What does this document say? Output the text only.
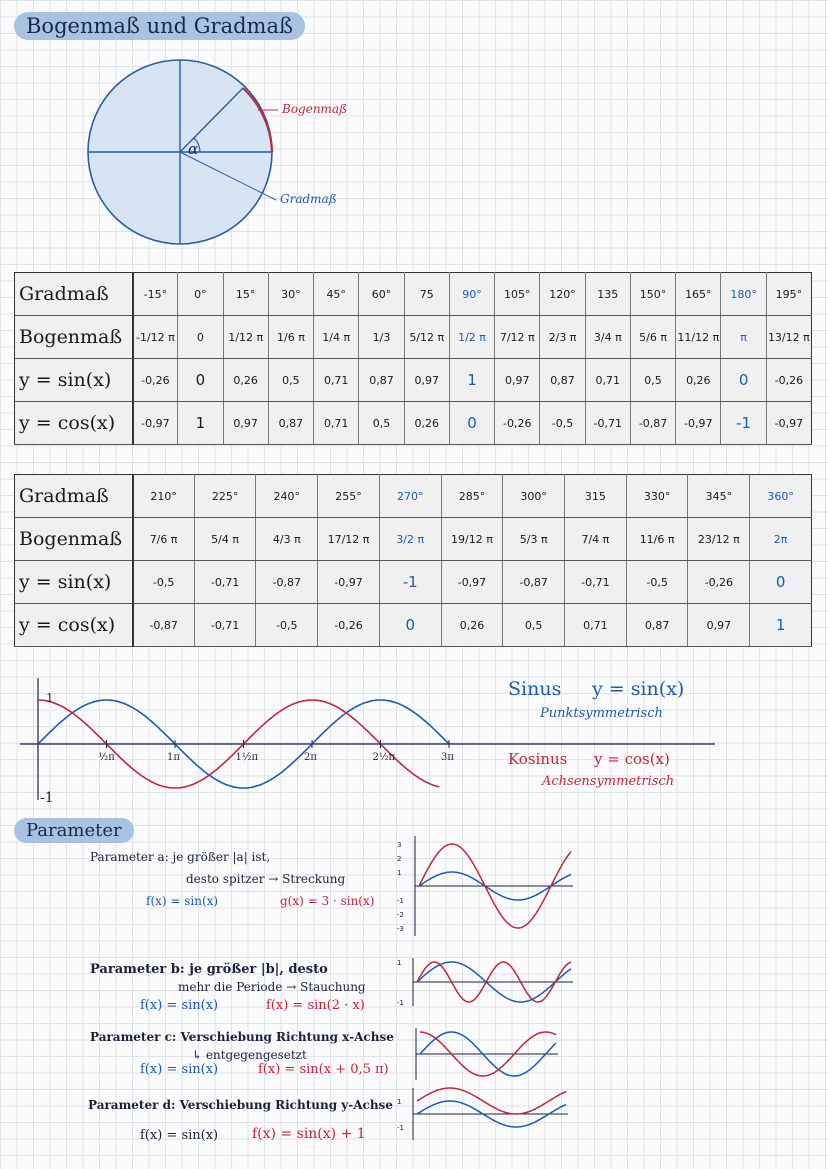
Bogenmaß und Gradmaß
α
Bogenmaß
Gradmaß
Gradmaß	-15°	0°	15°	30°	45°	60°	75	90°	105°	120°	135	150°	165°	180°	195°
Bogenmaß	-1/12 π	0	1/12 π	1/6 π	1/4 π	1/3	5/12 π	1/2 π	7/12 π	2/3 π	3/4 π	5/6 π	11/12 π	π	13/12 π
y = sin(x)	-0,26	0	0,26	0,5	0,71	0,87	0,97	1	0,97	0,87	0,71	0,5	0,26	0	-0,26
y = cos(x)	-0,97	1	0,97	0,87	0,71	0,5	0,26	0	-0,26	-0,5	-0,71	-0,87	-0,97	-1	-0,97
Gradmaß	210°	225°	240°	255°	270°	285°	300°	315	330°	345°	360°
Bogenmaß	7/6 π	5/4 π	4/3 π	17/12 π	3/2 π	19/12 π	5/3 π	7/4 π	11/6 π	23/12 π	2π
y = sin(x)	-0,5	-0,71	-0,87	-0,97	-1	-0,97	-0,87	-0,71	-0,5	-0,26	0
y = cos(x)	-0,87	-0,71	-0,5	-0,26	0	0,26	0,5	0,71	0,87	0,97	1
1
-1
½π	1π	1½π	2π	2½π	3π
Sinus y = sin(x)
Punktsymmetrisch
Kosinus y = cos(x)
Achsensymmetrisch
Parameter
Parameter a: je größer |a| ist,
desto spitzer → Streckung
f(x) = sin(x)	g(x) = 3 · sin(x)
3
2
1
-1
-2
-3
Parameter b: je größer |b|, desto
mehr die Periode → Stauchung
f(x) = sin(x)	f(x) = sin(2 · x)
1
-1
Parameter c: Verschiebung Richtung x-Achse
↳ entgegengesetzt
f(x) = sin(x)	f(x) = sin(x + 0,5 π)
Parameter d: Verschiebung Richtung y-Achse
f(x) = sin(x) f(x) = sin(x) + 1
1
-1
